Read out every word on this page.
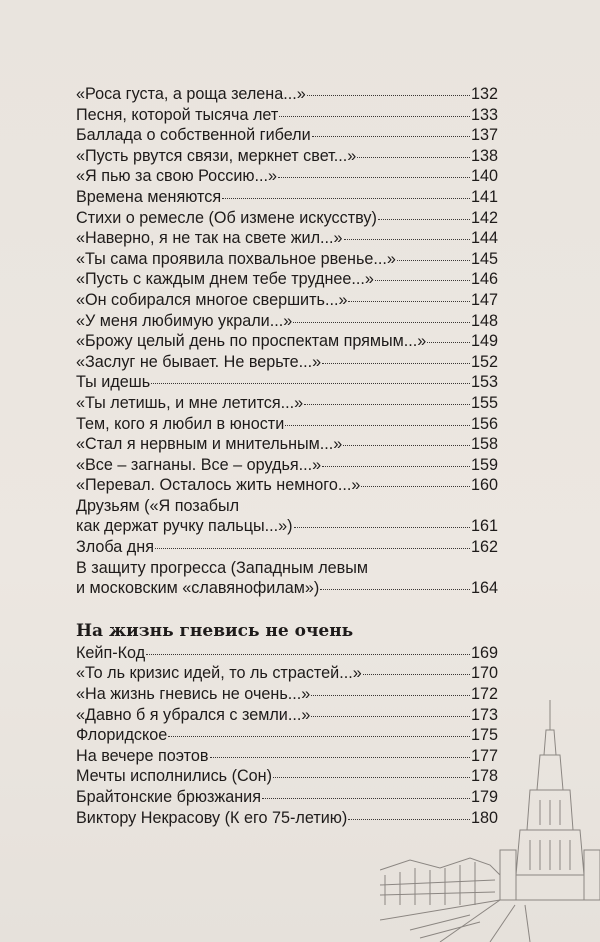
«Роса густа, а роща зелена...»	132
Песня, которой тысяча лет	133
Баллада о собственной гибели	137
«Пусть рвутся связи, меркнет свет...»	138
«Я пью за свою Россию...»	140
Времена меняются	141
Стихи о ремесле (Об измене искусству)	142
«Наверно, я не так на свете жил...»	144
«Ты сама проявила похвальное рвенье...»	145
«Пусть с каждым днем тебе труднее...»	146
«Он собирался многое свершить...»	147
«У меня любимую украли...»	148
«Брожу целый день по проспектам прямым...»	149
«Заслуг не бывает. Не верьте...»	152
Ты идешь	153
«Ты летишь, и мне летится...»	155
Тем, кого я любил в юности	156
«Стал я нервным и мнительным...»	158
«Все – загнаны. Все – орудья...»	159
«Перевал. Осталось жить немного...»	160
Друзьям («Я позабыл
как держат ручку пальцы...»)	161
Злоба дня	162
В защиту прогресса (Западным левым
и московским «славянофилам»)	164
На жизнь гневись не очень
Кейп-Код	169
«То ль кризис идей, то ль страстей...»	170
«На жизнь гневись не очень...»	172
«Давно б я убрался с земли...»	173
Флоридское	175
На вечере поэтов	177
Мечты исполнились (Сон)	178
Брайтонские брюзжания	179
Виктору Некрасову (К его 75-летию)	180
